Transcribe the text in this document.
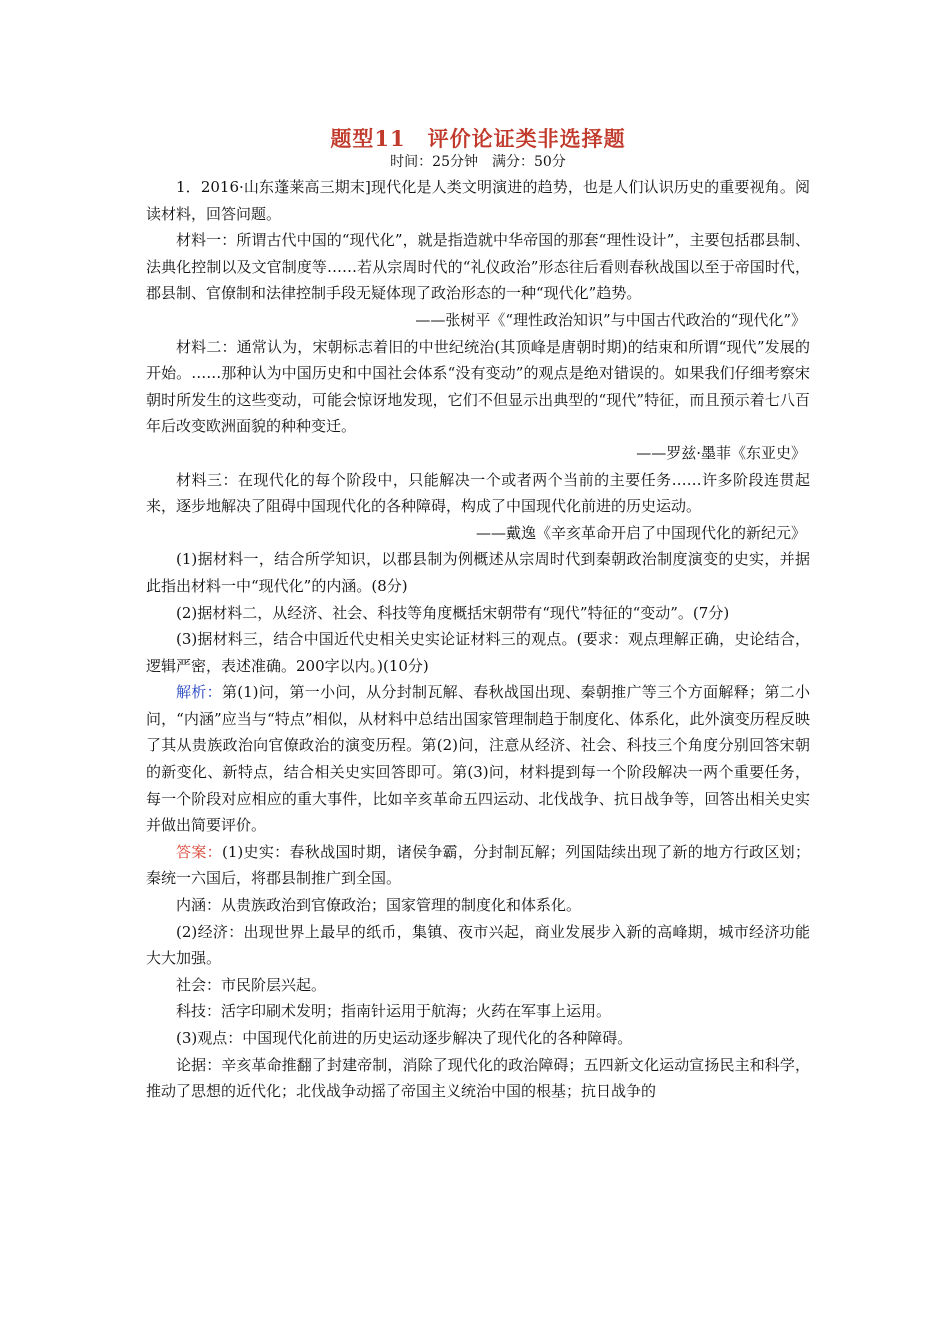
题型11　评价论证类非选择题
时间：25分钟　满分：50分

1．2016·山东蓬莱高三期末]现代化是人类文明演进的趋势，也是人们认识历史的重要视角。阅读材料，回答问题。

材料一：所谓古代中国的“现代化”，就是指造就中华帝国的那套“理性设计”，主要包括郡县制、法典化控制以及文官制度等……若从宗周时代的“礼仪政治”形态往后看则春秋战国以至于帝国时代，郡县制、官僚制和法律控制手段无疑体现了政治形态的一种“现代化”趋势。

——张树平《“理性政治知识”与中国古代政治的“现代化”》

材料二：通常认为，宋朝标志着旧的中世纪统治(其顶峰是唐朝时期)的结束和所谓“现代”发展的开始。……那种认为中国历史和中国社会体系“没有变动”的观点是绝对错误的。如果我们仔细考察宋朝时所发生的这些变动，可能会惊讶地发现，它们不但显示出典型的“现代”特征，而且预示着七八百年后改变欧洲面貌的种种变迁。

——罗兹·墨菲《东亚史》

材料三：在现代化的每个阶段中，只能解决一个或者两个当前的主要任务……许多阶段连贯起来，逐步地解决了阻碍中国现代化的各种障碍，构成了中国现代化前进的历史运动。

——戴逸《辛亥革命开启了中国现代化的新纪元》

(1)据材料一，结合所学知识，以郡县制为例概述从宗周时代到秦朝政治制度演变的史实，并据此指出材料一中“现代化”的内涵。(8分)

(2)据材料二，从经济、社会、科技等角度概括宋朝带有“现代”特征的“变动”。(7分)

(3)据材料三，结合中国近代史相关史实论证材料三的观点。(要求：观点理解正确，史论结合，逻辑严密，表述准确。200字以内。)(10分)

解析：第(1)问，第一小问，从分封制瓦解、春秋战国出现、秦朝推广等三个方面解释；第二小问，“内涵”应当与“特点”相似，从材料中总结出国家管理制趋于制度化、体系化，此外演变历程反映了其从贵族政治向官僚政治的演变历程。第(2)问，注意从经济、社会、科技三个角度分别回答宋朝的新变化、新特点，结合相关史实回答即可。第(3)问，材料提到每一个阶段解决一两个重要任务，每一个阶段对应相应的重大事件，比如辛亥革命五四运动、北伐战争、抗日战争等，回答出相关史实并做出简要评价。

答案：(1)史实：春秋战国时期，诸侯争霸，分封制瓦解；列国陆续出现了新的地方行政区划；秦统一六国后，将郡县制推广到全国。

内涵：从贵族政治到官僚政治；国家管理的制度化和体系化。

(2)经济：出现世界上最早的纸币，集镇、夜市兴起，商业发展步入新的高峰期，城市经济功能大大加强。

社会：市民阶层兴起。

科技：活字印刷术发明；指南针运用于航海；火药在军事上运用。

(3)观点：中国现代化前进的历史运动逐步解决了现代化的各种障碍。

论据：辛亥革命推翻了封建帝制，消除了现代化的政治障碍；五四新文化运动宣扬民主和科学，推动了思想的近代化；北伐战争动摇了帝国主义统治中国的根基；抗日战争的
